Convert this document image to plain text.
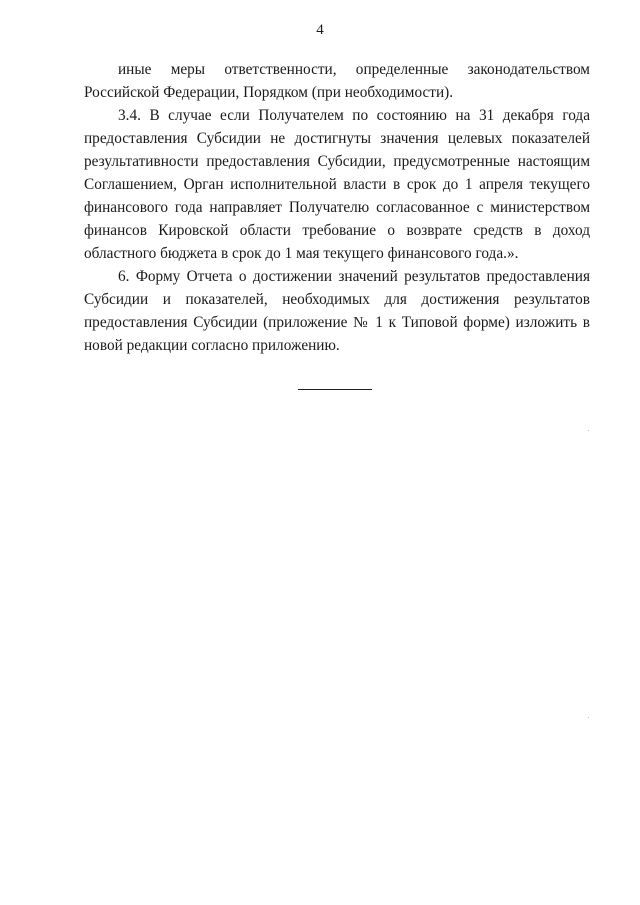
4

иные меры ответственности, определенные законодательством Российской Федерации, Порядком (при необходимости).

3.4. В случае если Получателем по состоянию на 31 декабря года предоставления Субсидии не достигнуты значения целевых показателей результативности предоставления Субсидии, предусмотренные настоящим Соглашением, Орган исполнительной власти в срок до 1 апреля текущего финансового года направляет Получателю согласованное с министерством финансов Кировской области требование о возврате средств в доход областного бюджета в срок до 1 мая текущего финансового года.».

6. Форму Отчета о достижении значений результатов предоставления Субсидии и показателей, необходимых для достижения результатов предоставления Субсидии (приложение № 1 к Типовой форме) изложить в новой редакции согласно приложению.
